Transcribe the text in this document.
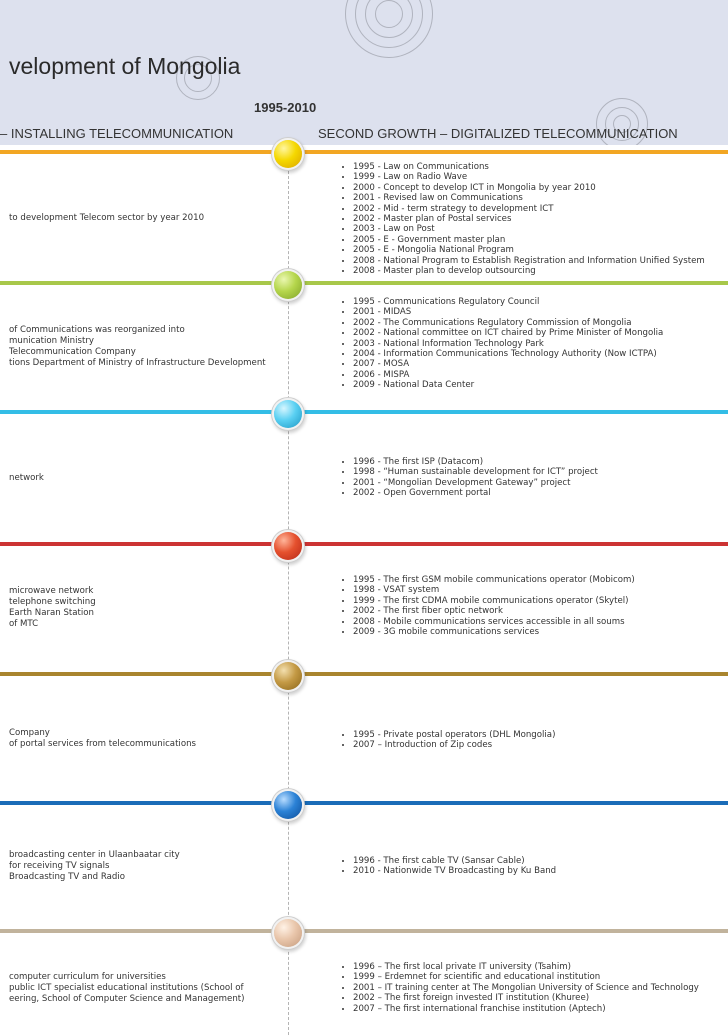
velopment of Mongolia
1995-2010
– INSTALLING TELECOMMUNICATION	SECOND GROWTH – DIGITALIZED TELECOMMUNICATION
to development Telecom sector by year 2010
• 1995 - Law on Communications
• 1999 - Law on Radio Wave
• 2000 - Concept to develop ICT in Mongolia by year 2010
• 2001 - Revised law on Communications
• 2002 - Mid - term strategy to development ICT
• 2002 - Master plan of Postal services
• 2003 - Law on Post
• 2005 - E - Government master plan
• 2005 - E - Mongolia National Program
• 2008 - National Program to Establish Registration and Information Unified System
• 2008 - Master plan to develop outsourcing
of Communications was reorganized into
munication Ministry
Telecommunication Company
tions Department of Ministry of Infrastructure Development
• 1995 - Communications Regulatory Council
• 2001 - MIDAS
• 2002 - The Communications Regulatory Commission of Mongolia
• 2002 - National committee on ICT chaired by Prime Minister of Mongolia
• 2003 - National Information Technology Park
• 2004 - Information Communications Technology Authority (Now ICTPA)
• 2007 - MOSA
• 2006 - MISPA
• 2009 - National Data Center
network
• 1996 - The first ISP (Datacom)
• 1998 - “Human sustainable development for ICT” project
• 2001 - “Mongolian Development Gateway” project
• 2002 - Open Government portal
microwave network
telephone switching
Earth Naran Station
of MTC
• 1995 - The first GSM mobile communications operator (Mobicom)
• 1998 - VSAT system
• 1999 - The first CDMA mobile communications operator (Skytel)
• 2002 - The first fiber optic network
• 2008 - Mobile communications services accessible in all soums
• 2009 - 3G mobile communications services
Company
of portal services from telecommunications
• 1995 - Private postal operators (DHL Mongolia)
• 2007 – Introduction of Zip codes
broadcasting center in Ulaanbaatar city
for receiving TV signals
Broadcasting TV and Radio
• 1996 - The first cable TV (Sansar Cable)
• 2010 - Nationwide TV Broadcasting by Ku Band
computer curriculum for universities
public ICT specialist educational institutions (School of
eering, School of Computer Science and Management)
• 1996 – The first local private IT university (Tsahim)
• 1999 – Erdemnet for scientific and educational institution
• 2001 – IT training center at The Mongolian University of Science and Technology
• 2002 – The first foreign invested IT institution (Khuree)
• 2007 – The first international franchise institution (Aptech)
